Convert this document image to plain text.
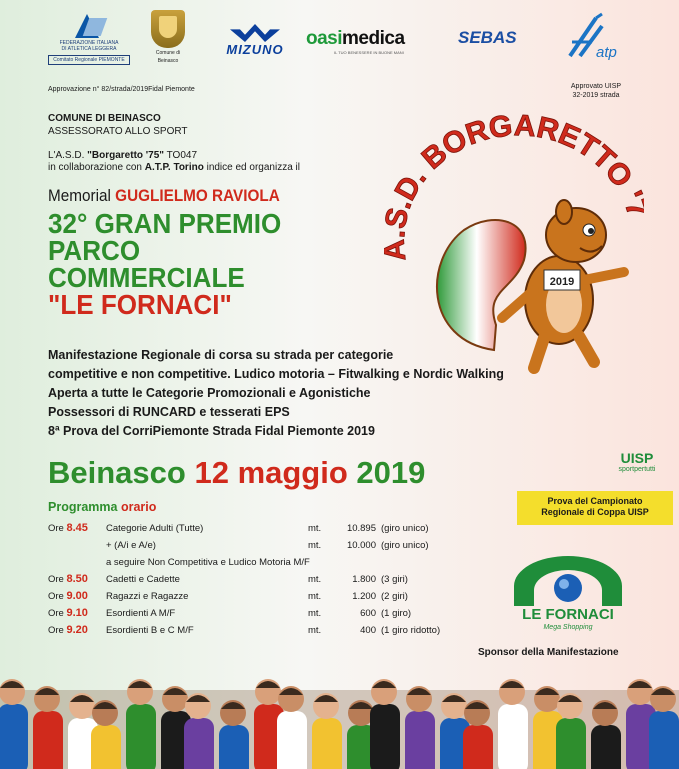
FEDERAZIONE ITALIANA
DI ATLETICA LEGGERA
Comitato Regionale PIEMONTE
Comune di
Beinasco
MIZUNO
oasimedica
IL TUO BENESSERE IN BUONE MANI
SEBAS
atp
Approvazione n° 82/strada/2019Fidal Piemonte	Approvato UISP
32-2019 strada
COMUNE DI BEINASCO
ASSESSORATO ALLO SPORT
L'A.S.D. "Borgaretto '75" TO047
in collaborazione con A.T.P. Torino indice ed organizza il
Memorial GUGLIELMO RAVIOLA
32° GRAN PREMIO
PARCO
COMMERCIALE
"LE FORNACI"
.D. BORGARETTO
2019
Manifestazione Regionale di corsa su strada per categorie
competitive e non competitive. Ludico motoria – Fitwalking e Nordic Walking
Aperta a tutte le Categorie Promozionali e Agonistiche
Possessori di RUNCARD e tesserati EPS
8ª Prova del CorriPiemonte Strada Fidal Piemonte 2019
Beinasco 12 maggio 2019
Programma orario
Ore 8.45	Categorie Adulti (Tutte)	mt.	10.895 (giro unico)
+ (A/i e A/e)	mt.	10.000 (giro unico)
a seguire Non Competitiva e Ludico Motoria M/F
Ore 8.50	Cadetti e Cadette	mt.	1.800 (3 giri)
Ore 9.00	Ragazzi e Ragazze	mt.	1.200 (2 giri)
Ore 9.10	Esordienti A M/F	mt.	600 (1 giro)
Ore 9.20	Esordienti B e C M/F	mt.	400 (1 giro ridotto)
UISP
sportpertutti
Prova del Campionato
Regionale di Coppa UISP
LE FORNACI
Mega Shopping
Sponsor della Manifestazione
